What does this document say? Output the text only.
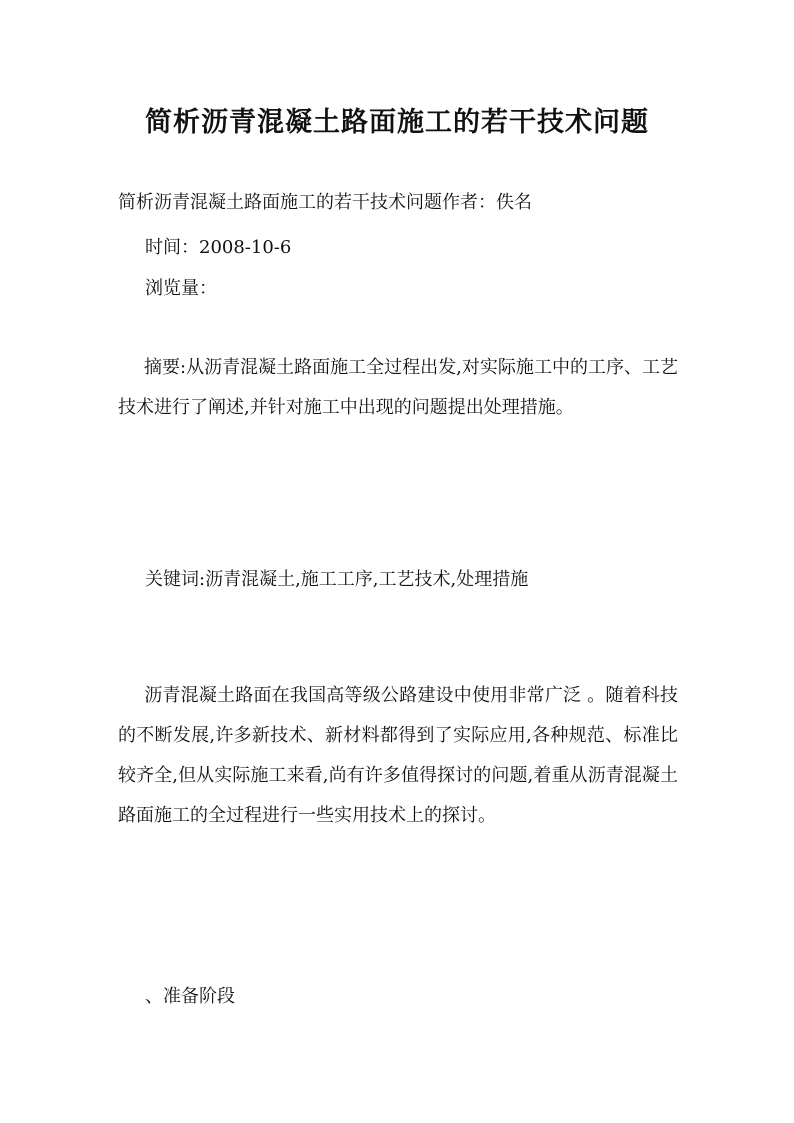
简析沥青混凝土路面施工的若干技术问题

简析沥青混凝土路面施工的若干技术问题作者：佚名

时间：2008-10-6

浏览量：

摘要:从沥青混凝土路面施工全过程出发,对实际施工中的工序、工艺技术进行了阐述,并针对施工中出现的问题提出处理措施。

关键词:沥青混凝土,施工工序,工艺技术,处理措施

沥青混凝土路面在我国高等级公路建设中使用非常广泛 。随着科技的不断发展,许多新技术、新材料都得到了实际应用,各种规范、标准比较齐全,但从实际施工来看,尚有许多值得探讨的问题,着重从沥青混凝土路面施工的全过程进行一些实用技术上的探讨。

、准备阶段
